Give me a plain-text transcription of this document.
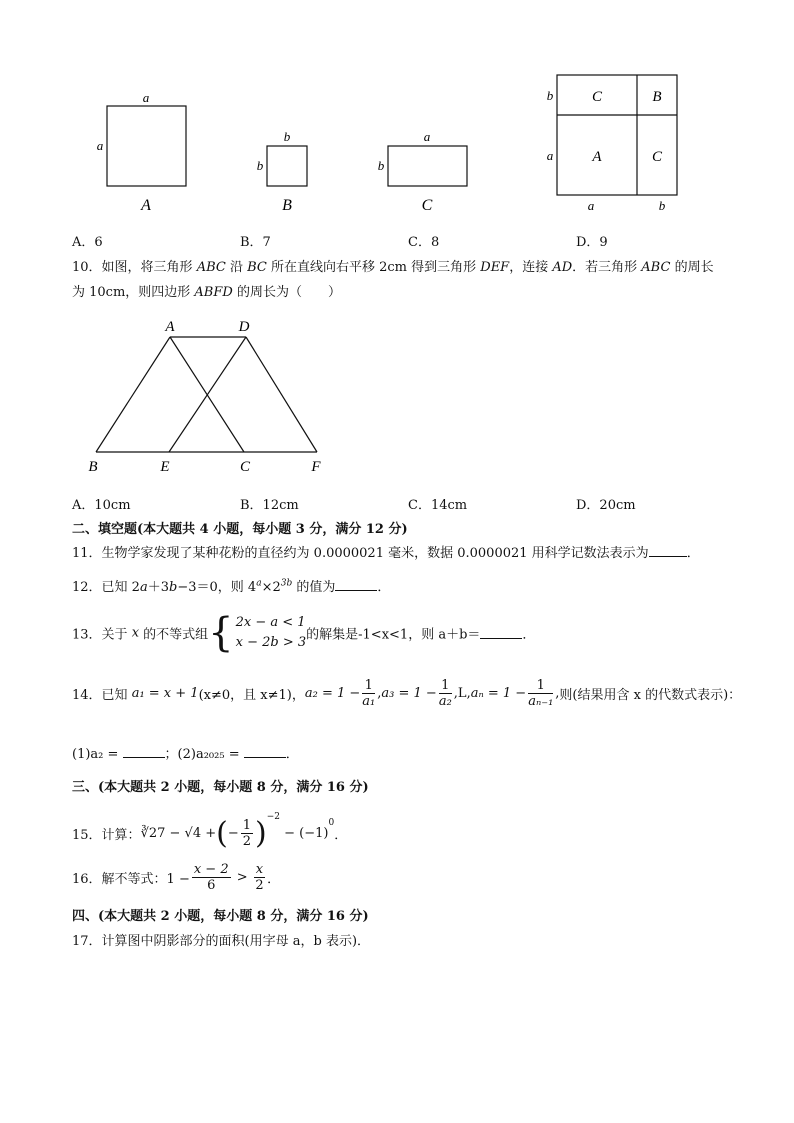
a
a
A
b
b
B
a
b
C
b
a
a	b
C	B
A	C
A．6	B．7	C．8	D．9
10．如图，将三角形 ABC 沿 BC 所在直线向右平移 2cm 得到三角形 DEF，连接 AD．若三角形 ABC 的周长
为 10cm，则四边形 ABFD 的周长为（　　）
A	D
B	E	C	F
A．10cm	B．12cm	C．14cm	D．20cm
二、填空题(本大题共 4 小题，每小题 3 分，满分 12 分)
11．生物学家发现了某种花粉的直径约为 0.0000021 毫米，数据 0.0000021 用科学记数法表示为	．
12．已知 2a＋3b−3＝0，则 $4^a\times 2^{3b}$ 的值为	．
13．关于 x 的不等式组{ 2x − a < 1
x − 2b > 3 的解集是-1<x<1，则 a＋b＝	．
14．已知 a₁ = x + 1(x≠0，且 x≠1)，$a_2 = 1 - \frac{1}{\text{a₁}} ,a_3 = 1 - \frac{1}{\text{a₂}} ,L,a_n = 1 - \frac{1}{\text{aₙ₋₁}}$ ,则(结果用含 x 的代数式表示)：
(1)a₂ =	；(2)a₂₀₂₅ =	．
三、(本大题共 2 小题，每小题 8 分，满分 16 分)
15．计算：∛27 − √4 +(− $\frac{1}{2} )^{-2} - (-1)^0$．
16．解不等式：$1 - \frac{x - 2}{6} > \frac{x}{2}$ ．
四、(本大题共 2 小题，每小题 8 分，满分 16 分)
17．计算图中阴影部分的面积(用字母 a，b 表示)．
